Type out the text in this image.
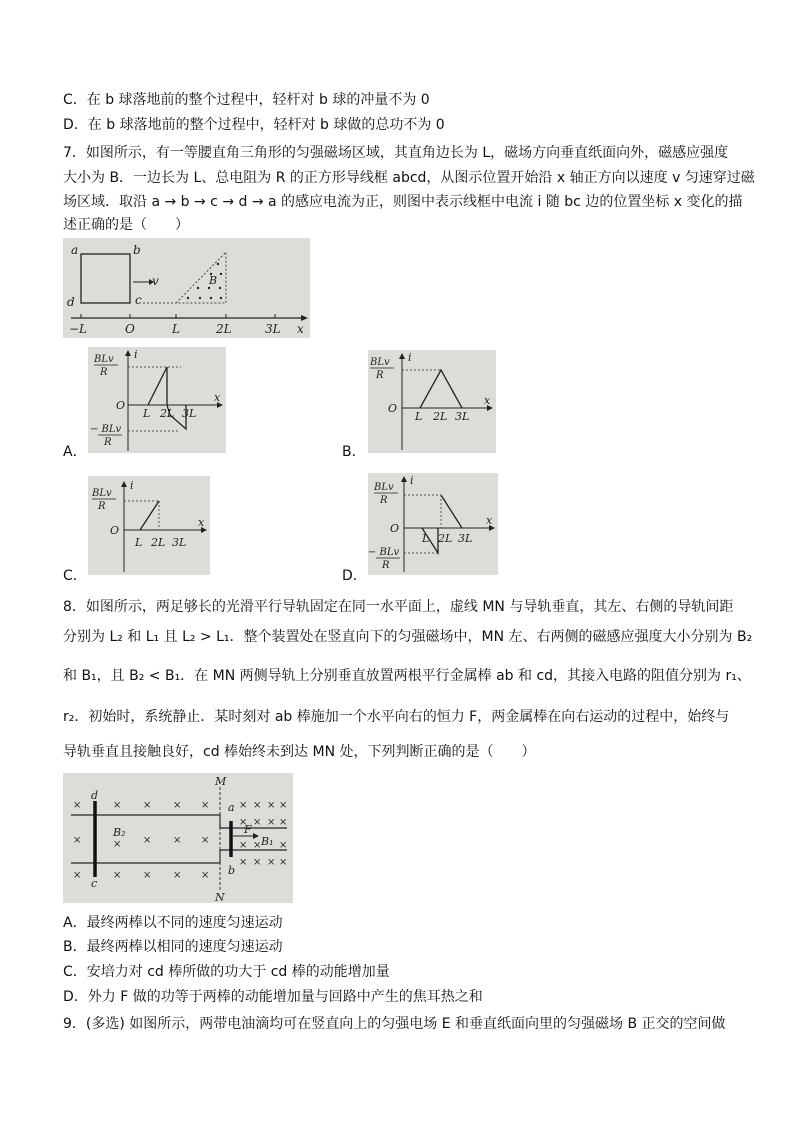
C．在 b 球落地前的整个过程中，轻杆对 b 球的冲量不为 0
D．在 b 球落地前的整个过程中，轻杆对 b 球做的总功不为 0
7．如图所示，有一等腰直角三角形的匀强磁场区域，其直角边长为 L，磁场方向垂直纸面向外，磁感应强度
大小为 B．一边长为 L、总电阻为 R 的正方形导线框 abcd，从图示位置开始沿 x 轴正方向以速度 v 匀速穿过磁
场区域．取沿 a → b → c → d → a 的感应电流为正，则图中表示线框中电流 i 随 bc 边的位置坐标 x 变化的描
述正确的是（　　）
a	b
c
d
v	B
−L	O	L	2L	3L x
i
x
O
BLv
R
− BLv
R
L 2L 3L
A．
i
x
O
BLv
R
L 2L 3L
B．
i
x
O
BLv
R
L 2L 3L
C．
i
x
O
BLv
R
− BLv
R
L 2L 3L
D．
8．如图所示，两足够长的光滑平行导轨固定在同一水平面上，虚线 MN 与导轨垂直，其左、右侧的导轨间距
分别为 L₂ 和 L₁ 且 L₂ > L₁．整个装置处在竖直向下的匀强磁场中，MN 左、右两侧的磁感应强度大小分别为 B₂
和 B₁，且 B₂ < B₁．在 MN 两侧导轨上分别垂直放置两根平行金属棒 ab 和 cd，其接入电路的阻值分别为 r₁、
r₂．初始时，系统静止．某时刻对 ab 棒施加一个水平向右的恒力 F，两金属棒在向右运动的过程中，始终与
导轨垂直且接触良好，cd 棒始终未到达 MN 处，下列判断正确的是（　　）
M
N
d
c
a
b
F
B₂
B₁
×	× × × ×
×	× × × ×
×	× × × ×
× × × ×
× × × ×
× × ×
× × × ×
A．最终两棒以不同的速度匀速运动
B．最终两棒以相同的速度匀速运动
C．安培力对 cd 棒所做的功大于 cd 棒的动能增加量
D．外力 F 做的功等于两棒的动能增加量与回路中产生的焦耳热之和
9．(多选) 如图所示，两带电油滴均可在竖直向上的匀强电场 E 和垂直纸面向里的匀强磁场 B 正交的空间做
